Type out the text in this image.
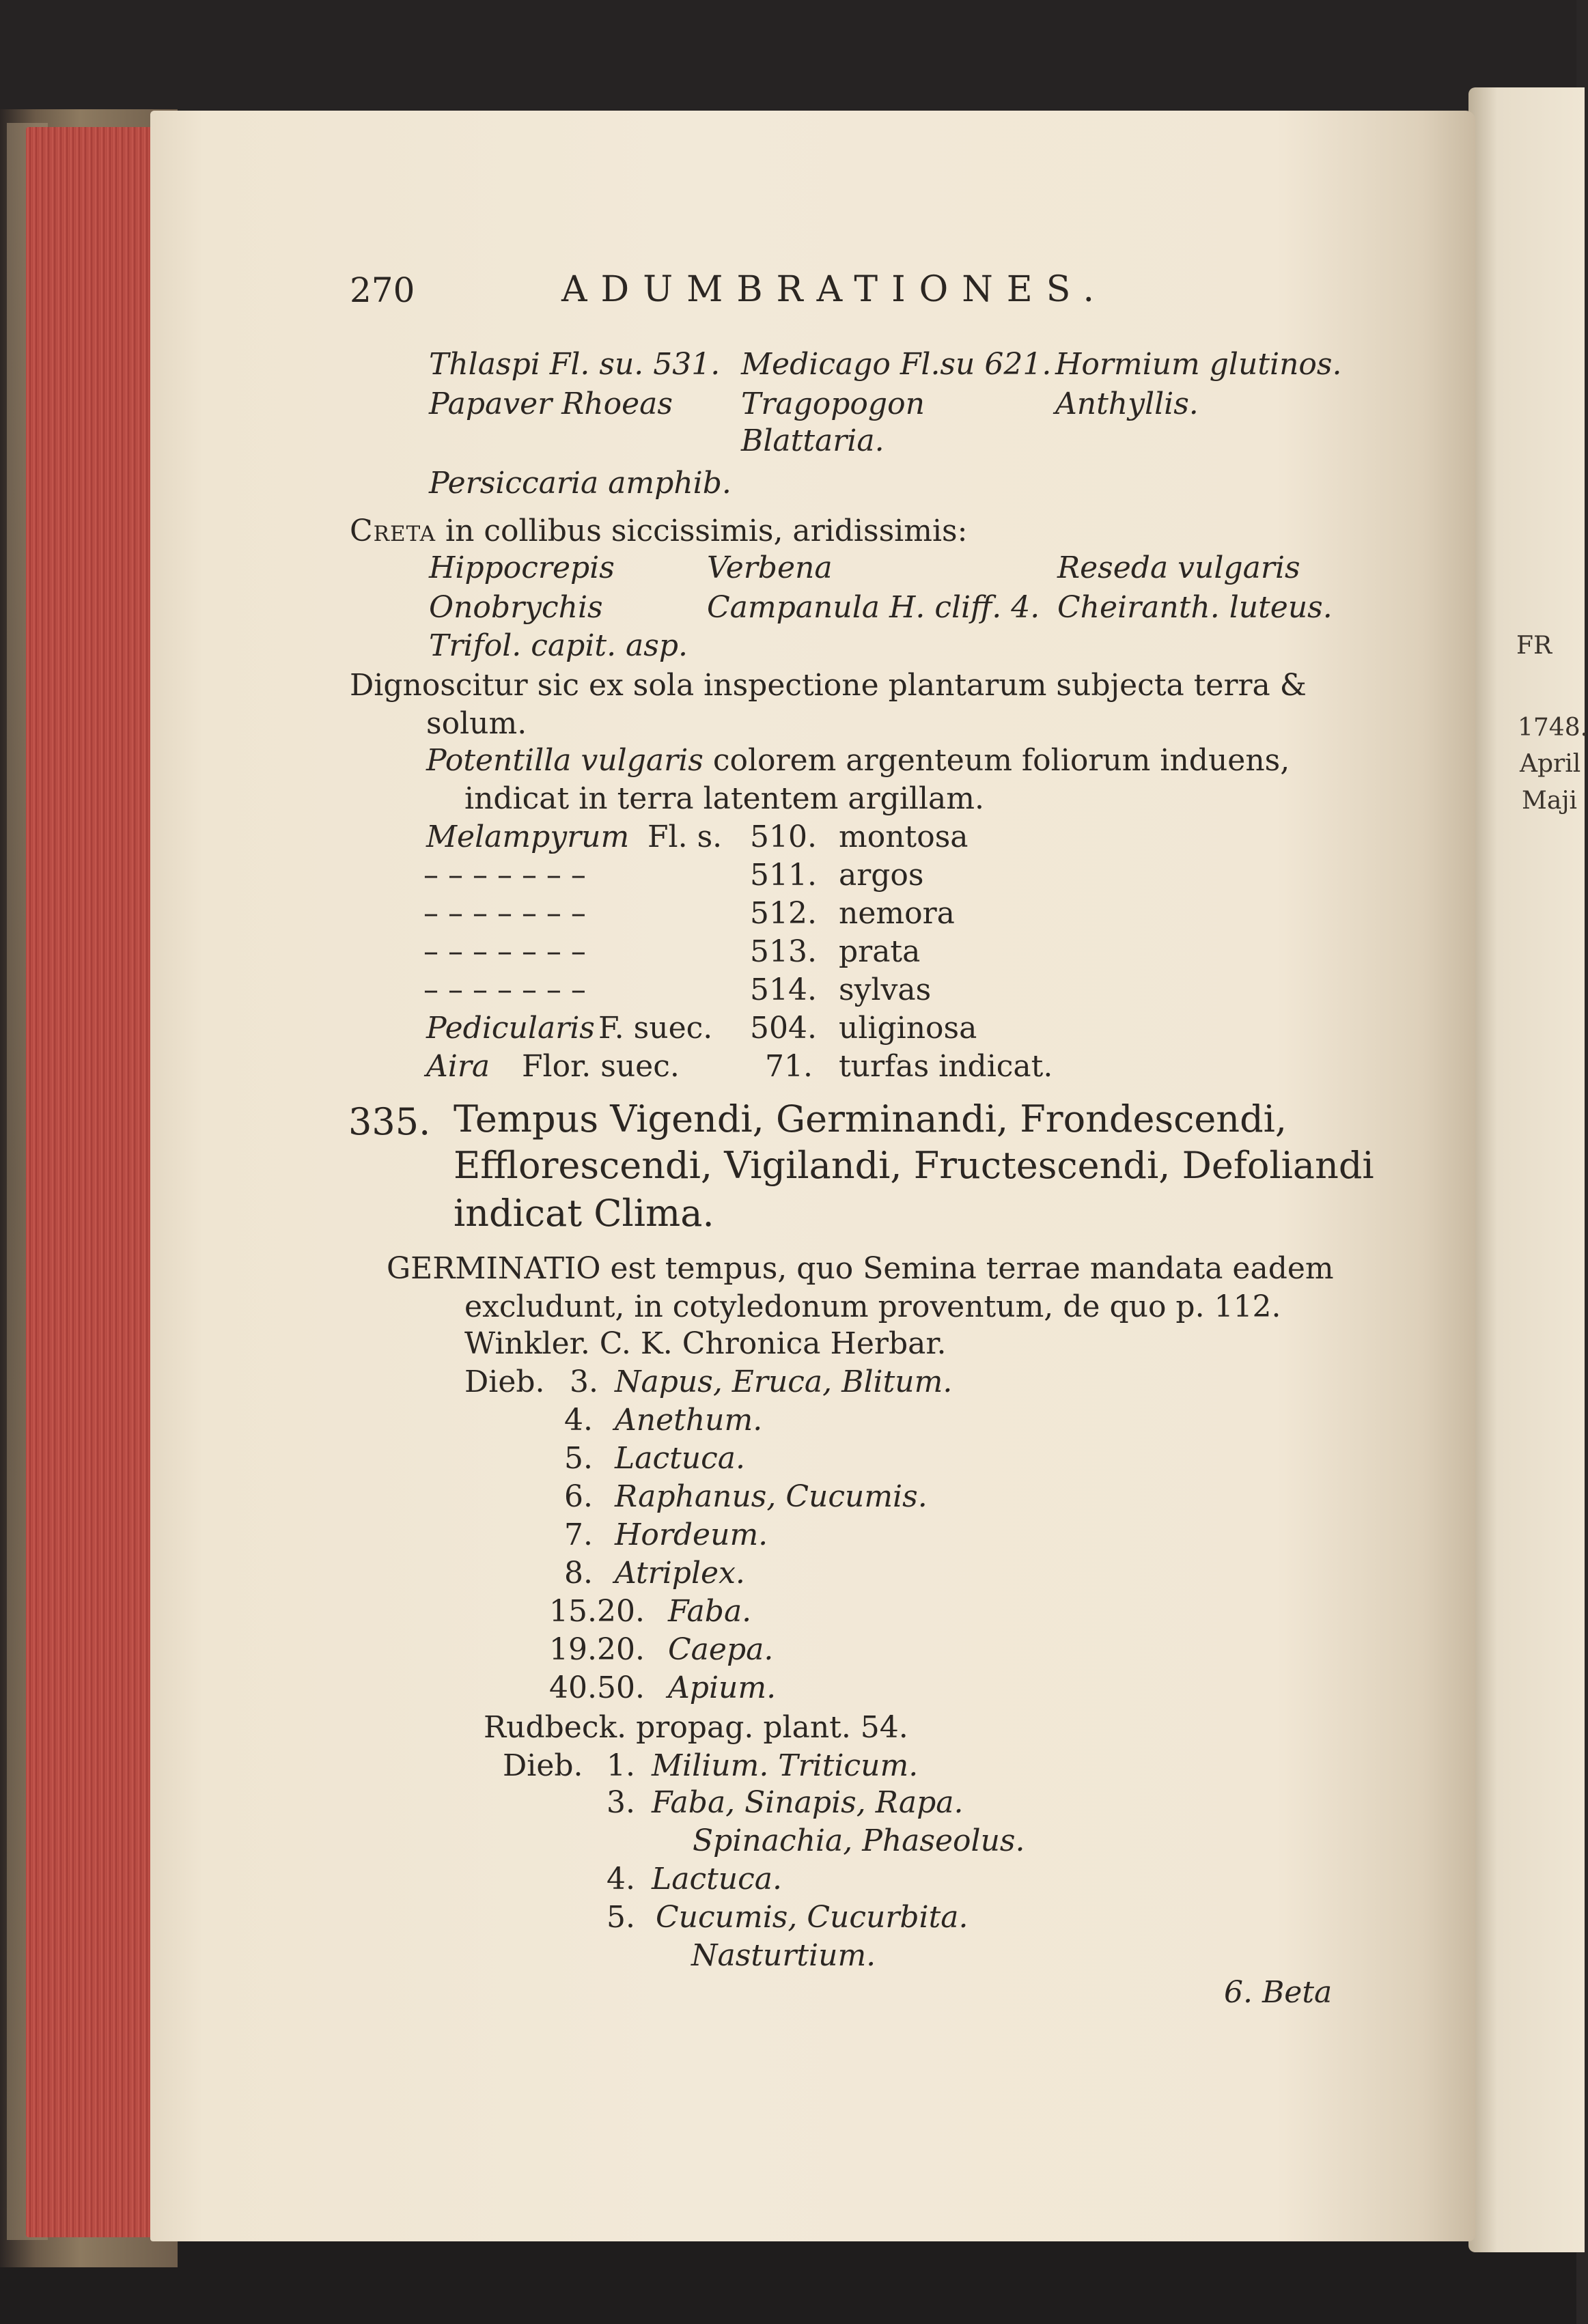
FR
1748.
April
Maji
270	ADUMBRATIONES.
Thlaspi Fl. su. 531. Medicago Fl.su 621. Hormium glutinos.
Papaver Rhoeas Tragopogon	Anthyllis.
Blattaria.
Persiccaria amphib.
Creta in collibus siccissimis, aridissimis:
Hippocrepis	Verbena	Reseda vulgaris
Onobrychis	Campanula H. cliff. 4. Cheiranth. luteus.
Trifol. capit. asp.
Dignoscitur sic ex sola inspectione plantarum subjecta terra &
solum.
Potentilla vulgaris colorem argenteum foliorum induens,
indicat in terra latentem argillam.
Melampyrum Fl. s. 510. montosa
– – – – – – –	511. argos
– – – – – – –	512. nemora
– – – – – – –	513. prata
– – – – – – –	514. sylvas
Pedicularis F. suec. 504. uliginosa
Aira Flor. suec.	71. turfas indicat.
335. Tempus Vigendi, Germinandi, Frondescendi,
Efflorescendi, Vigilandi, Fructescendi, Defoliandi
indicat Clima.
GERMINATIO est tempus, quo Semina terrae mandata eadem
excludunt, in cotyledonum proventum, de quo p. 112.
Winkler. C. K. Chronica Herbar.
Dieb. 3. Napus, Eruca, Blitum.
4. Anethum.
5. Lactuca.
6. Raphanus, Cucumis.
7. Hordeum.
8. Atriplex.
15.20. Faba.
19.20. Caepa.
40.50. Apium.
Rudbeck. propag. plant. 54.
Dieb. 1. Milium. Triticum.
3. Faba, Sinapis, Rapa.
Spinachia, Phaseolus.
4. Lactuca.
5. Cucumis, Cucurbita.
Nasturtium.
6. Beta
